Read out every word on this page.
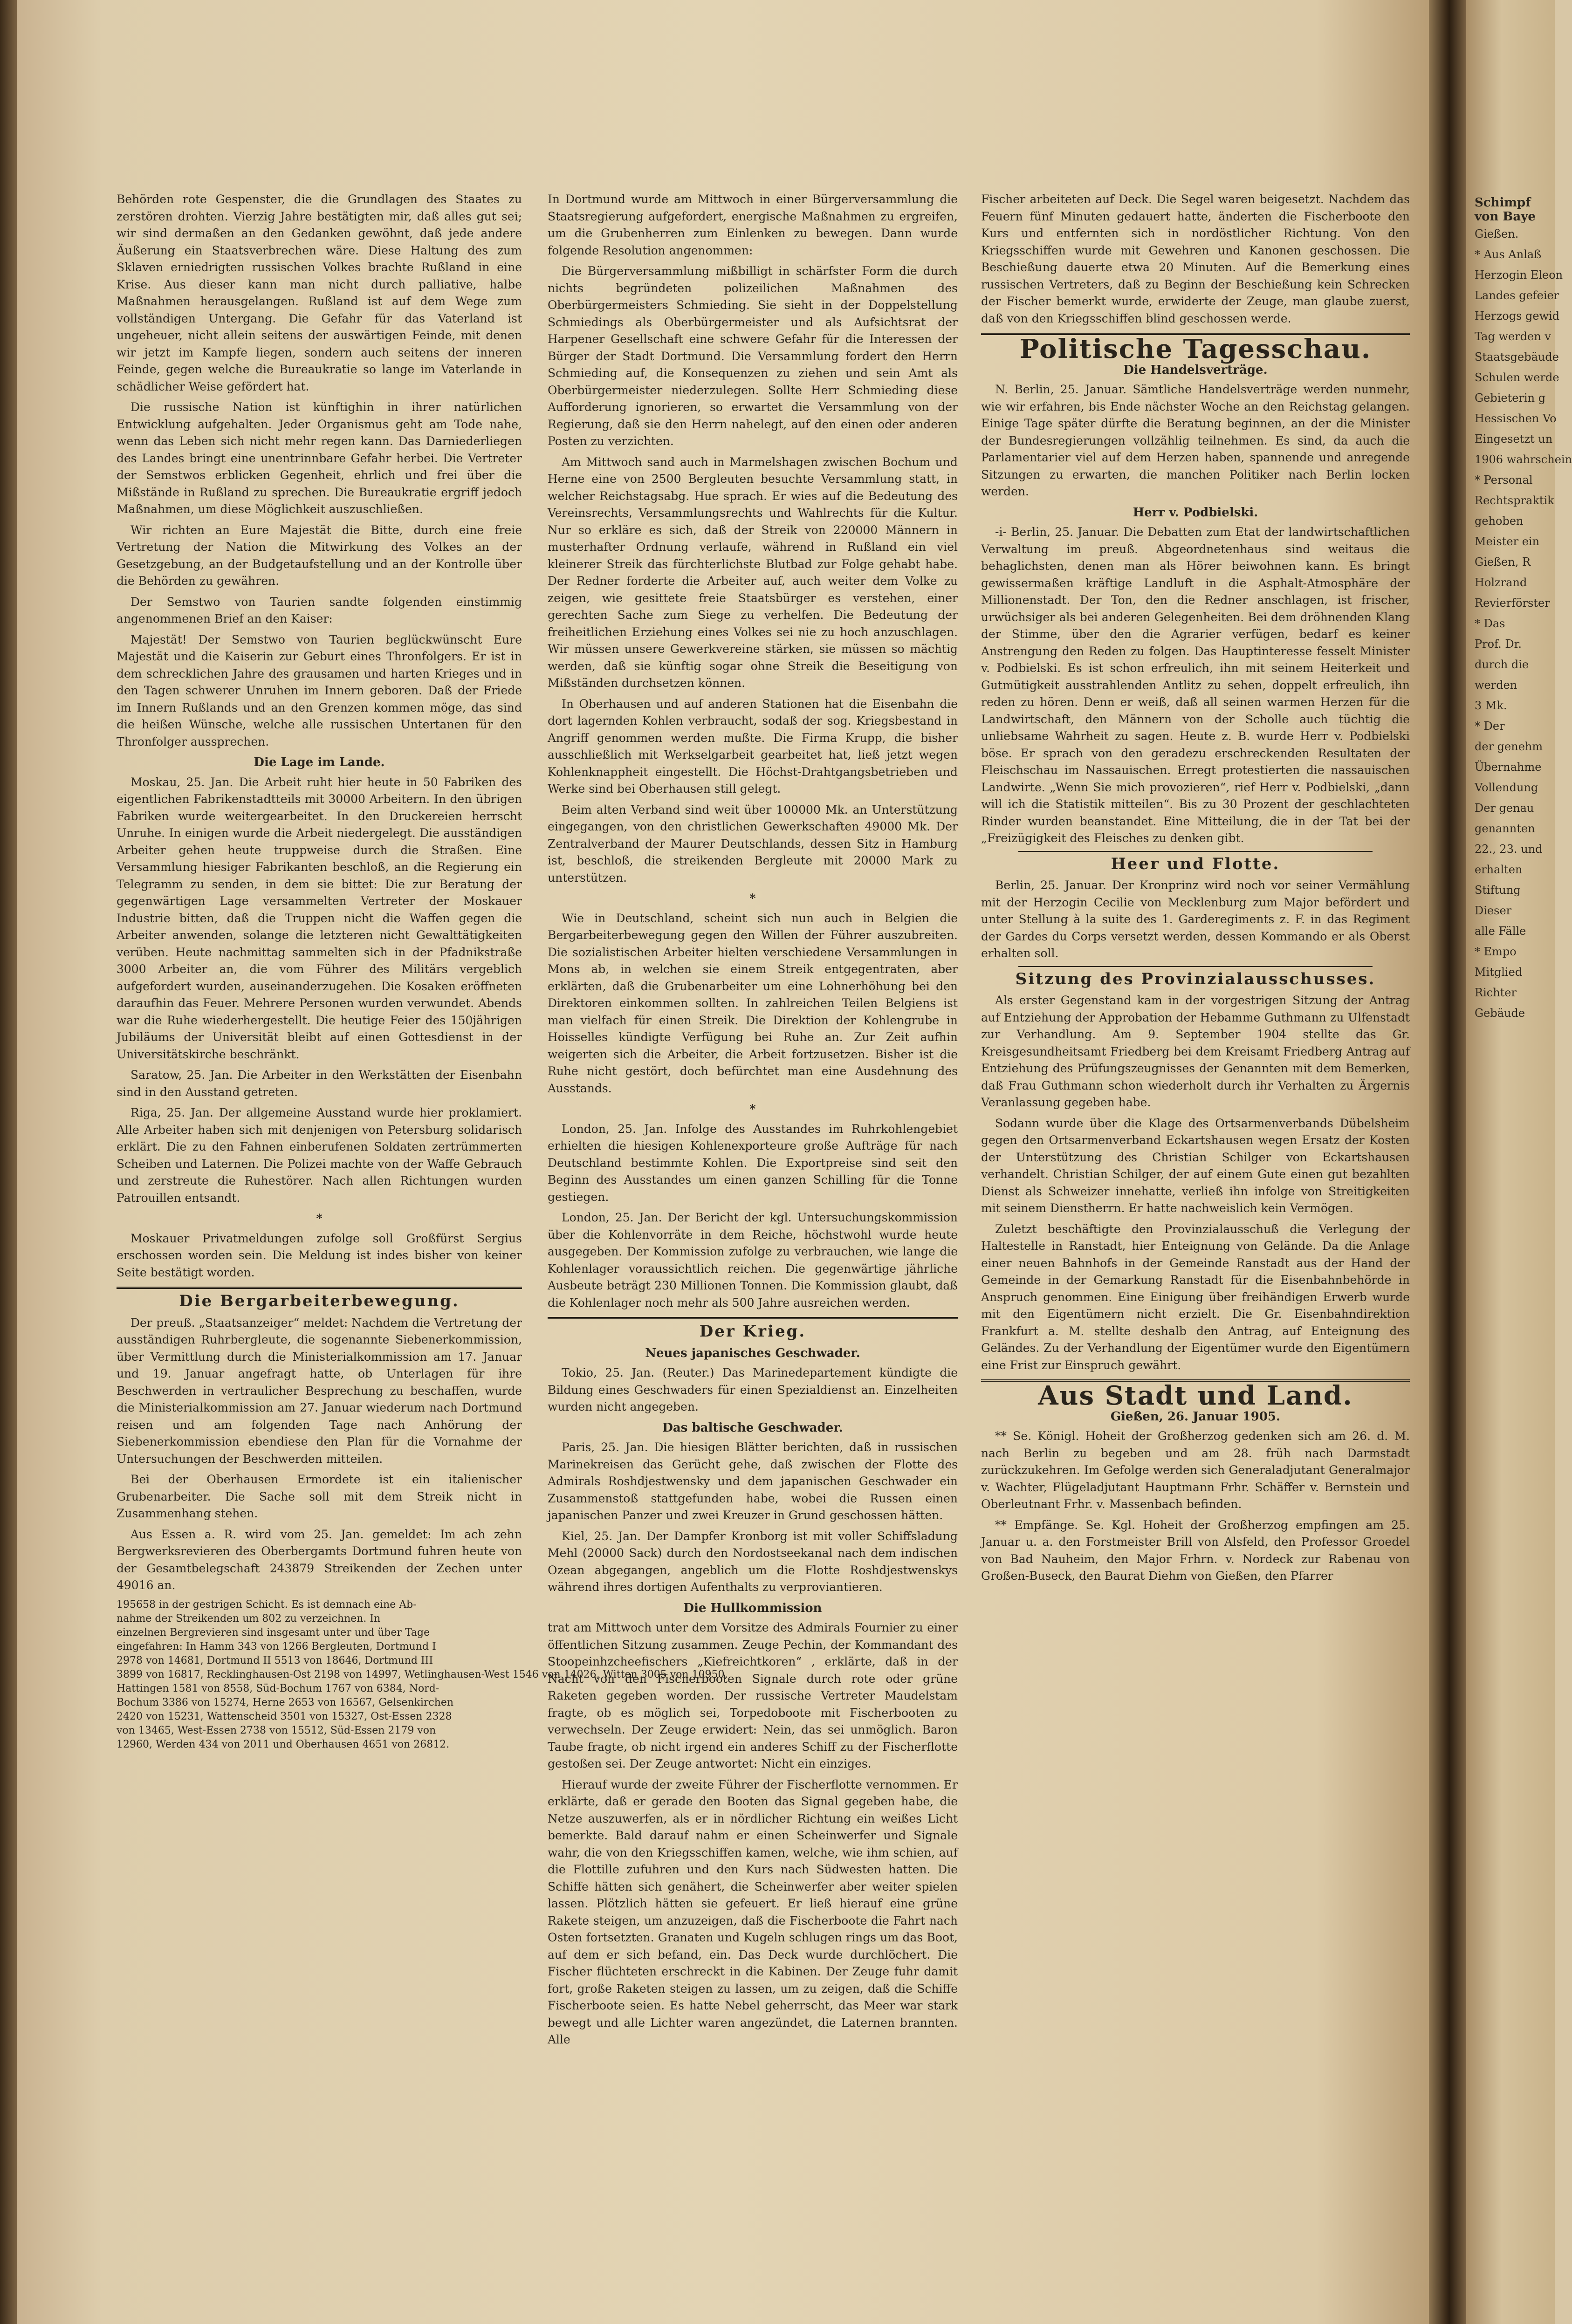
Behörden rote Gespenster, die die Grundlagen des Staates zu zerstören drohten. Vierzig Jahre bestätigten mir, daß alles gut sei; wir sind dermaßen an den Gedanken gewöhnt, daß jede andere Äußerung ein Staatsverbrechen wäre. Diese Haltung des zum Sklaven erniedrigten russischen Volkes brachte Rußland in eine Krise. Aus dieser kann man nicht durch palliative, halbe Maßnahmen herausgelangen. Rußland ist auf dem Wege zum vollständigen Untergang. Die Gefahr für das Vaterland ist ungeheuer, nicht allein seitens der auswärtigen Feinde, mit denen wir jetzt im Kampfe liegen, sondern auch seitens der inneren Feinde, gegen welche die Bureaukratie so lange im Vaterlande in schädlicher Weise gefördert hat.

Die russische Nation ist künftighin in ihrer natürlichen Entwicklung aufgehalten. Jeder Organismus geht am Tode nahe, wenn das Leben sich nicht mehr regen kann. Das Darniederliegen des Landes bringt eine unentrinnbare Gefahr herbei. Die Vertreter der Semstwos erblicken Gegenheit, ehrlich und frei über die Mißstände in Rußland zu sprechen. Die Bureaukratie ergriff jedoch Maßnahmen, um diese Möglichkeit auszuschließen.

Wir richten an Eure Majestät die Bitte, durch eine freie Vertretung der Nation die Mitwirkung des Volkes an der Gesetzgebung, an der Budgetaufstellung und an der Kontrolle über die Behörden zu gewähren.

Der Semstwo von Taurien sandte folgenden einstimmig angenommenen Brief an den Kaiser:

Majestät! Der Semstwo von Taurien beglückwünscht Eure Majestät und die Kaiserin zur Geburt eines Thronfolgers. Er ist in dem schrecklichen Jahre des grausamen und harten Krieges und in den Tagen schwerer Unruhen im Innern geboren. Daß der Friede im Innern Rußlands und an den Grenzen kommen möge, das sind die heißen Wünsche, welche alle russischen Untertanen für den Thronfolger aussprechen.

Die Lage im Lande.

Moskau, 25. Jan. Die Arbeit ruht hier heute in 50 Fabriken des eigentlichen Fabrikenstadtteils mit 30000 Arbeitern. In den übrigen Fabriken wurde weitergearbeitet. In den Druckereien herrscht Unruhe. In einigen wurde die Arbeit niedergelegt. Die ausständigen Arbeiter gehen heute truppweise durch die Straßen. Eine Versammlung hiesiger Fabrikanten beschloß, an die Regierung ein Telegramm zu senden, in dem sie bittet: Die zur Beratung der gegenwärtigen Lage versammelten Vertreter der Moskauer Industrie bitten, daß die Truppen nicht die Waffen gegen die Arbeiter anwenden, solange die letzteren nicht Gewalttätigkeiten verüben. Heute nachmittag sammelten sich in der Pfadnikstraße 3000 Arbeiter an, die vom Führer des Militärs vergeblich aufgefordert wurden, auseinanderzugehen. Die Kosaken eröffneten daraufhin das Feuer. Mehrere Personen wurden verwundet. Abends war die Ruhe wiederhergestellt. Die heutige Feier des 150jährigen Jubiläums der Universität bleibt auf einen Gottesdienst in der Universitätskirche beschränkt.

Saratow, 25. Jan. Die Arbeiter in den Werkstätten der Eisenbahn sind in den Ausstand getreten.

Riga, 25. Jan. Der allgemeine Ausstand wurde hier proklamiert. Alle Arbeiter haben sich mit denjenigen von Petersburg solidarisch erklärt. Die zu den Fahnen einberufenen Soldaten zertrümmerten Scheiben und Laternen. Die Polizei machte von der Waffe Gebrauch und zerstreute die Ruhestörer. Nach allen Richtungen wurden Patrouillen entsandt.

*

Moskauer Privatmeldungen zufolge soll Großfürst Sergius erschossen worden sein. Die Meldung ist indes bisher von keiner Seite bestätigt worden.

Die Bergarbeiterbewegung.

Der preuß. „Staatsanzeiger“ meldet: Nachdem die Vertretung der ausständigen Ruhrbergleute, die sogenannte Siebenerkommission, über Vermittlung durch die Ministerialkommission am 17. Januar und 19. Januar angefragt hatte, ob Unterlagen für ihre Beschwerden in vertraulicher Besprechung zu beschaffen, wurde die Ministerialkommission am 27. Januar wiederum nach Dortmund reisen und am folgenden Tage nach Anhörung der Siebenerkommission ebendiese den Plan für die Vornahme der Untersuchungen der Beschwerden mitteilen.

Bei der Oberhausen Ermordete ist ein italienischer Grubenarbeiter. Die Sache soll mit dem Streik nicht in Zusammenhang stehen.

Aus Essen a. R. wird vom 25. Jan. gemeldet: Im ach zehn Bergwerksrevieren des Oberbergamts Dortmund fuhren heute von der Gesamtbelegschaft 243879 Streikenden der Zechen unter 49016 an.

195658 in der gestrigen Schicht. Es ist demnach eine Ab-
nahme der Streikenden um 802 zu verzeichnen. In
einzelnen Bergrevieren sind insgesamt unter und über Tage
eingefahren: In Hamm 343 von 1266 Bergleuten, Dortmund I
2978 von 14681, Dortmund II 5513 von 18646, Dortmund III
3899 von 16817, Recklinghausen-Ost 2198 von 14997, Wetlinghausen-West 1546 von 14026, Witten 3005 von 10950,
Hattingen 1581 von 8558, Süd-Bochum 1767 von 6384, Nord-
Bochum 3386 von 15274, Herne 2653 von 16567, Gelsenkirchen
2420 von 15231, Wattenscheid 3501 von 15327, Ost-Essen 2328
von 13465, West-Essen 2738 von 15512, Süd-Essen 2179 von
12960, Werden 434 von 2011 und Oberhausen 4651 von 26812.

In Dortmund wurde am Mittwoch in einer Bürgerversammlung die Staatsregierung aufgefordert, energische Maßnahmen zu ergreifen, um die Grubenherren zum Einlenken zu bewegen. Dann wurde folgende Resolution angenommen:

Die Bürgerversammlung mißbilligt in schärfster Form die durch nichts begründeten polizeilichen Maßnahmen des Oberbürgermeisters Schmieding. Sie sieht in der Doppelstellung Schmiedings als Oberbürgermeister und als Aufsichtsrat der Harpener Gesellschaft eine schwere Gefahr für die Interessen der Bürger der Stadt Dortmund. Die Versammlung fordert den Herrn Schmieding auf, die Konsequenzen zu ziehen und sein Amt als Oberbürgermeister niederzulegen. Sollte Herr Schmieding diese Aufforderung ignorieren, so erwartet die Versammlung von der Regierung, daß sie den Herrn nahelegt, auf den einen oder anderen Posten zu verzichten.

Am Mittwoch sand auch in Marmelshagen zwischen Bochum und Herne eine von 2500 Bergleuten besuchte Versammlung statt, in welcher Reichstagsabg. Hue sprach. Er wies auf die Bedeutung des Vereinsrechts, Versammlungsrechts und Wahlrechts für die Kultur. Nur so erkläre es sich, daß der Streik von 220000 Männern in musterhafter Ordnung verlaufe, während in Rußland ein viel kleinerer Streik das fürchterlichste Blutbad zur Folge gehabt habe. Der Redner forderte die Arbeiter auf, auch weiter dem Volke zu zeigen, wie gesittete freie Staatsbürger es verstehen, einer gerechten Sache zum Siege zu verhelfen. Die Bedeutung der freiheitlichen Erziehung eines Volkes sei nie zu hoch anzuschlagen. Wir müssen unsere Gewerkvereine stärken, sie müssen so mächtig werden, daß sie künftig sogar ohne Streik die Beseitigung von Mißständen durchsetzen können.

In Oberhausen und auf anderen Stationen hat die Eisenbahn die dort lagernden Kohlen verbraucht, sodaß der sog. Kriegsbestand in Angriff genommen werden mußte. Die Firma Krupp, die bisher ausschließlich mit Werkselgarbeit gearbeitet hat, ließ jetzt wegen Kohlenknappheit eingestellt. Die Höchst-Drahtgangsbetrieben und Werke sind bei Oberhausen still gelegt.

Beim alten Verband sind weit über 100000 Mk. an Unterstützung eingegangen, von den christlichen Gewerkschaften 49000 Mk. Der Zentralverband der Maurer Deutschlands, dessen Sitz in Hamburg ist, beschloß, die streikenden Bergleute mit 20000 Mark zu unterstützen.

*

Wie in Deutschland, scheint sich nun auch in Belgien die Bergarbeiterbewegung gegen den Willen der Führer auszubreiten. Die sozialistischen Arbeiter hielten verschiedene Versammlungen in Mons ab, in welchen sie einem Streik entgegentraten, aber erklärten, daß die Grubenarbeiter um eine Lohnerhöhung bei den Direktoren einkommen sollten. In zahlreichen Teilen Belgiens ist man vielfach für einen Streik. Die Direktion der Kohlengrube in Hoisselles kündigte Verfügung bei Ruhe an. Zur Zeit aufhin weigerten sich die Arbeiter, die Arbeit fortzusetzen. Bisher ist die Ruhe nicht gestört, doch befürchtet man eine Ausdehnung des Ausstands.

*

London, 25. Jan. Infolge des Ausstandes im Ruhrkohlengebiet erhielten die hiesigen Kohlenexporteure große Aufträge für nach Deutschland bestimmte Kohlen. Die Exportpreise sind seit den Beginn des Ausstandes um einen ganzen Schilling für die Tonne gestiegen.

London, 25. Jan. Der Bericht der kgl. Untersuchungskommission über die Kohlenvorräte in dem Reiche, höchstwohl wurde heute ausgegeben. Der Kommission zufolge zu verbrauchen, wie lange die Kohlenlager voraussichtlich reichen. Die gegenwärtige jährliche Ausbeute beträgt 230 Millionen Tonnen. Die Kommission glaubt, daß die Kohlenlager noch mehr als 500 Jahre ausreichen werden.

Der Krieg.
Neues japanisches Geschwader.

Tokio, 25. Jan. (Reuter.) Das Marinedepartement kündigte die Bildung eines Geschwaders für einen Spezialdienst an. Einzelheiten wurden nicht angegeben.

Das baltische Geschwader.

Paris, 25. Jan. Die hiesigen Blätter berichten, daß in russischen Marinekreisen das Gerücht gehe, daß zwischen der Flotte des Admirals Roshdjestwensky und dem japanischen Geschwader ein Zusammenstoß stattgefunden habe, wobei die Russen einen japanischen Panzer und zwei Kreuzer in Grund geschossen hätten.

Kiel, 25. Jan. Der Dampfer Kronborg ist mit voller Schiffsladung Mehl (20000 Sack) durch den Nordostseekanal nach dem indischen Ozean abgegangen, angeblich um die Flotte Roshdjestwenskys während ihres dortigen Aufenthalts zu verproviantieren.

Die Hullkommission

trat am Mittwoch unter dem Vorsitze des Admirals Fournier zu einer öffentlichen Sitzung zusammen. Zeuge Pechin, der Kommandant des Stoopeinhzcheefischers „Kiefreichtkoren“ , erklärte, daß in der Nacht von den Fischerbooten Signale durch rote oder grüne Raketen gegeben worden. Der russische Vertreter Maudelstam fragte, ob es möglich sei, Torpedoboote mit Fischerbooten zu verwechseln. Der Zeuge erwidert: Nein, das sei unmöglich. Baron Taube fragte, ob nicht irgend ein anderes Schiff zu der Fischerflotte gestoßen sei. Der Zeuge antwortet: Nicht ein einziges.

Hierauf wurde der zweite Führer der Fischerflotte vernommen. Er erklärte, daß er gerade den Booten das Signal gegeben habe, die Netze auszuwerfen, als er in nördlicher Richtung ein weißes Licht bemerkte. Bald darauf nahm er einen Scheinwerfer und Signale wahr, die von den Kriegsschiffen kamen, welche, wie ihm schien, auf die Flottille zufuhren und den Kurs nach Südwesten hatten. Die Schiffe hätten sich genähert, die Scheinwerfer aber weiter spielen lassen. Plötzlich hätten sie gefeuert. Er ließ hierauf eine grüne Rakete steigen, um anzuzeigen, daß die Fischerboote die Fahrt nach Osten fortsetzten. Granaten und Kugeln schlugen rings um das Boot, auf dem er sich befand, ein. Das Deck wurde durchlöchert. Die Fischer flüchteten erschreckt in die Kabinen. Der Zeuge fuhr damit fort, große Raketen steigen zu lassen, um zu zeigen, daß die Schiffe Fischerboote seien. Es hatte Nebel geherrscht, das Meer war stark bewegt und alle Lichter waren angezündet, die Laternen brannten. Alle

Fischer arbeiteten auf Deck. Die Segel waren beigesetzt. Nachdem das Feuern fünf Minuten gedauert hatte, änderten die Fischerboote den Kurs und entfernten sich in nordöstlicher Richtung. Von den Kriegsschiffen wurde mit Gewehren und Kanonen geschossen. Die Beschießung dauerte etwa 20 Minuten. Auf die Bemerkung eines russischen Vertreters, daß zu Beginn der Beschießung kein Schrecken der Fischer bemerkt wurde, erwiderte der Zeuge, man glaube zuerst, daß von den Kriegsschiffen blind geschossen werde.

Politische Tagesschau.
Die Handelsverträge.

N. Berlin, 25. Januar. Sämtliche Handelsverträge werden nunmehr, wie wir erfahren, bis Ende nächster Woche an den Reichstag gelangen. Einige Tage später dürfte die Beratung beginnen, an der die Minister der Bundesregierungen vollzählig teilnehmen. Es sind, da auch die Parlamentarier viel auf dem Herzen haben, spannende und anregende Sitzungen zu erwarten, die manchen Politiker nach Berlin locken werden.

Herr v. Podbielski.

-i- Berlin, 25. Januar. Die Debatten zum Etat der landwirtschaftlichen Verwaltung im preuß. Abgeordnetenhaus sind weitaus die behaglichsten, denen man als Hörer beiwohnen kann. Es bringt gewissermaßen kräftige Landluft in die Asphalt-Atmosphäre der Millionenstadt. Der Ton, den die Redner anschlagen, ist frischer, urwüchsiger als bei anderen Gelegenheiten. Bei dem dröhnenden Klang der Stimme, über den die Agrarier verfügen, bedarf es keiner Anstrengung den Reden zu folgen. Das Hauptinteresse fesselt Minister v. Podbielski. Es ist schon erfreulich, ihn mit seinem Heiterkeit und Gutmütigkeit ausstrahlenden Antlitz zu sehen, doppelt erfreulich, ihn reden zu hören. Denn er weiß, daß all seinen warmen Herzen für die Landwirtschaft, den Männern von der Scholle auch tüchtig die unliebsame Wahrheit zu sagen. Heute z. B. wurde Herr v. Podbielski böse. Er sprach von den geradezu erschreckenden Resultaten der Fleischschau im Nassauischen. Erregt protestierten die nassauischen Landwirte. „Wenn Sie mich provozieren“, rief Herr v. Podbielski, „dann will ich die Statistik mitteilen“. Bis zu 30 Prozent der geschlachteten Rinder wurden beanstandet. Eine Mitteilung, die in der Tat bei der „Freizügigkeit des Fleisches zu denken gibt.

Heer und Flotte.

Berlin, 25. Januar. Der Kronprinz wird noch vor seiner Vermählung mit der Herzogin Cecilie von Mecklenburg zum Major befördert und unter Stellung à la suite des 1. Garderegiments z. F. in das Regiment der Gardes du Corps versetzt werden, dessen Kommando er als Oberst erhalten soll.

Sitzung des Provinzialausschusses.

Als erster Gegenstand kam in der vorgestrigen Sitzung der Antrag auf Entziehung der Approbation der Hebamme Guthmann zu Ulfenstadt zur Verhandlung. Am 9. September 1904 stellte das Gr. Kreisgesundheitsamt Friedberg bei dem Kreisamt Friedberg Antrag auf Entziehung des Prüfungszeugnisses der Genannten mit dem Bemerken, daß Frau Guthmann schon wiederholt durch ihr Verhalten zu Ärgernis Veranlassung gegeben habe.

Sodann wurde über die Klage des Ortsarmenverbands Dübelsheim gegen den Ortsarmenverband Eckartshausen wegen Ersatz der Kosten der Unterstützung des Christian Schilger von Eckartshausen verhandelt. Christian Schilger, der auf einem Gute einen gut bezahlten Dienst als Schweizer innehatte, verließ ihn infolge von Streitigkeiten mit seinem Dienstherrn. Er hatte nachweislich kein Vermögen.

Zuletzt beschäftigte den Provinzialausschuß die Verlegung der Haltestelle in Ranstadt, hier Enteignung von Gelände. Da die Anlage einer neuen Bahnhofs in der Gemeinde Ranstadt aus der Hand der Gemeinde in der Gemarkung Ranstadt für die Eisenbahnbehörde in Anspruch genommen. Eine Einigung über freihändigen Erwerb wurde mit den Eigentümern nicht erzielt. Die Gr. Eisenbahndirektion Frankfurt a. M. stellte deshalb den Antrag, auf Enteignung des Geländes. Zu der Verhandlung der Eigentümer wurde den Eigentümern eine Frist zur Einspruch gewährt.

Aus Stadt und Land.
Gießen, 26. Januar 1905.

** Se. Königl. Hoheit der Großherzog gedenken sich am 26. d. M. nach Berlin zu begeben und am 28. früh nach Darmstadt zurückzukehren. Im Gefolge werden sich Generaladjutant Generalmajor v. Wachter, Flügeladjutant Hauptmann Frhr. Schäffer v. Bernstein und Oberleutnant Frhr. v. Massenbach befinden.

** Empfänge. Se. Kgl. Hoheit der Großherzog empfingen am 25. Januar u. a. den Forstmeister Brill von Alsfeld, den Professor Groedel von Bad Nauheim, den Major Frhrn. v. Nordeck zur Rabenau von Großen-Buseck, den Baurat Diehm von Gießen, den Pfarrer

Schimpf von Baye
Gießen.
* Aus Anlaß
Herzogin Eleon
Landes gefeier
Herzogs gewid
Tag werden v
Staatsgebäude
Schulen werde
Gebieterin g
Hessischen Vo
Eingesetzt un
1906 wahrschein
* Personal
Rechtspraktik
gehoben
Meister ein
Gießen, R
Holzrand
Revierförster
* Das
Prof. Dr.
durch die
werden
3 Mk.
* Der
der genehm
Übernahme
Vollendung
Der genau
genannten
22., 23. und
erhalten
Stiftung
Dieser
alle Fälle
* Empo
Mitglied
Richter
Gebäude
